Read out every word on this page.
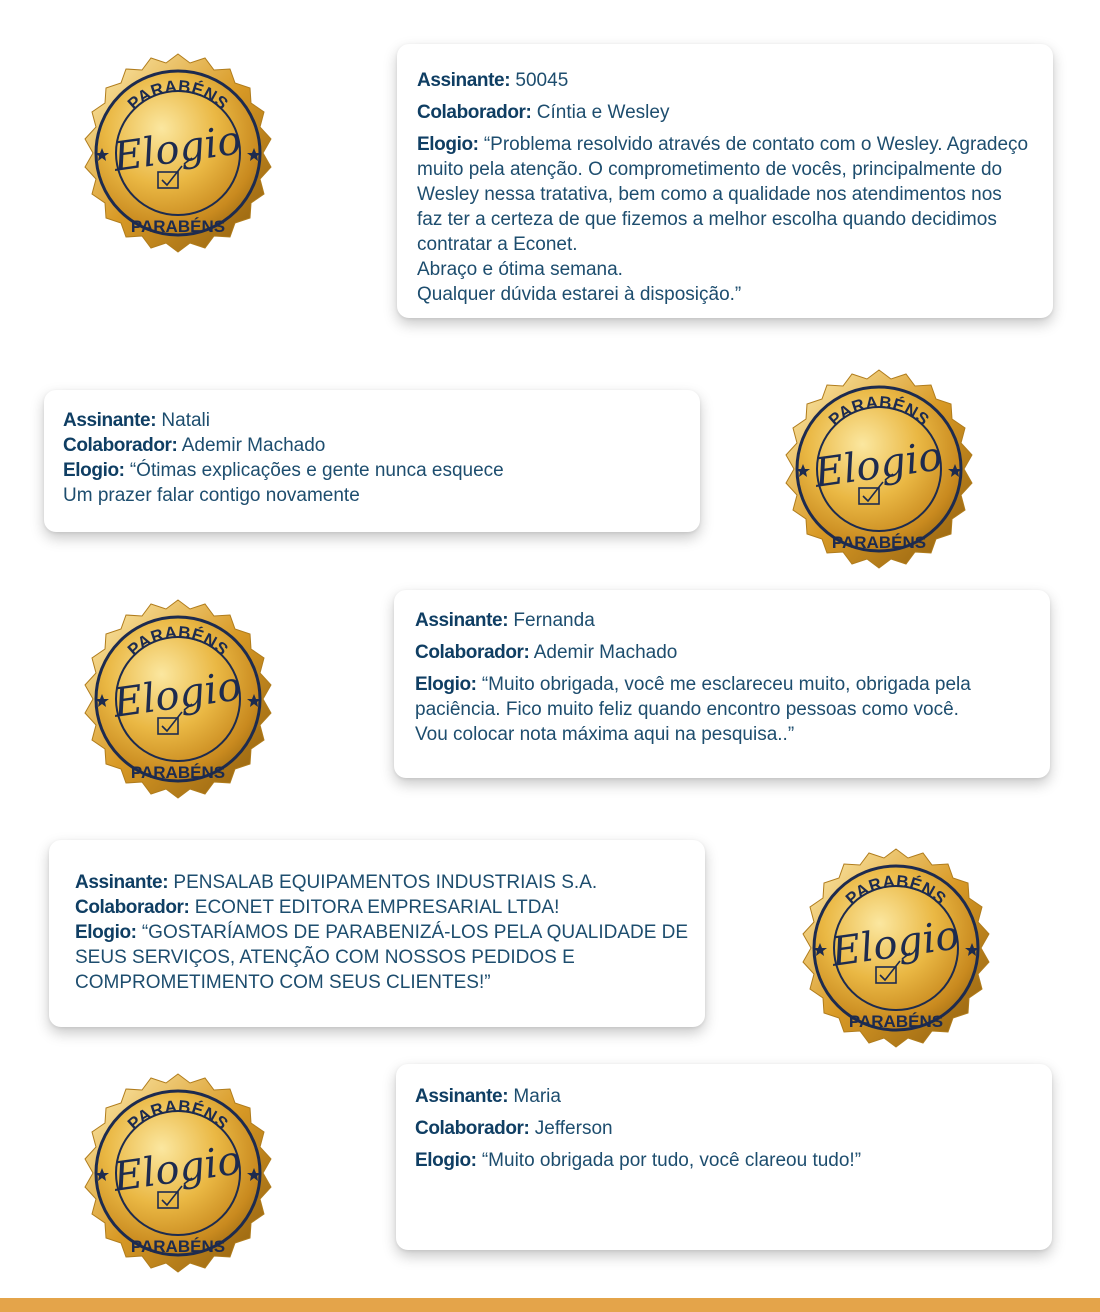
Assinante: 50045
Colaborador: Cíntia e Wesley
Elogio: “Problema resolvido através de contato com o Wesley. Agradeço
muito pela atenção. O comprometimento de vocês, principalmente do
Wesley nessa tratativa, bem como a qualidade nos atendimentos nos
faz ter a certeza de que fizemos a melhor escolha quando decidimos
contratar a Econet.
Abraço e ótima semana.
Qualquer dúvida estarei à disposição.”
Assinante: Natali
Colaborador: Ademir Machado
Elogio: “Ótimas explicações e gente nunca esquece
Um prazer falar contigo novamente
Assinante: Fernanda
Colaborador: Ademir Machado
Elogio: “Muito obrigada, você me esclareceu muito, obrigada pela
paciência. Fico muito feliz quando encontro pessoas como você.
Vou colocar nota máxima aqui na pesquisa..”
Assinante: PENSALAB EQUIPAMENTOS INDUSTRIAIS S.A.
Colaborador: ECONET EDITORA EMPRESARIAL LTDA!
Elogio: “GOSTARÍAMOS DE PARABENIZÁ-LOS PELA QUALIDADE DE
SEUS SERVIÇOS, ATENÇÃO COM NOSSOS PEDIDOS E
COMPROMETIMENTO COM SEUS CLIENTES!”
Assinante: Maria
Colaborador: Jefferson
Elogio: “Muito obrigada por tudo, você clareou tudo!”
PARABÉNS
PARABÉNS
Elogio
PARABÉNS
PARABÉNS
Elogio
PARABÉNS
PARABÉNS
Elogio
PARABÉNS
PARABÉNS
Elogio
PARABÉNS
PARABÉNS
Elogio
